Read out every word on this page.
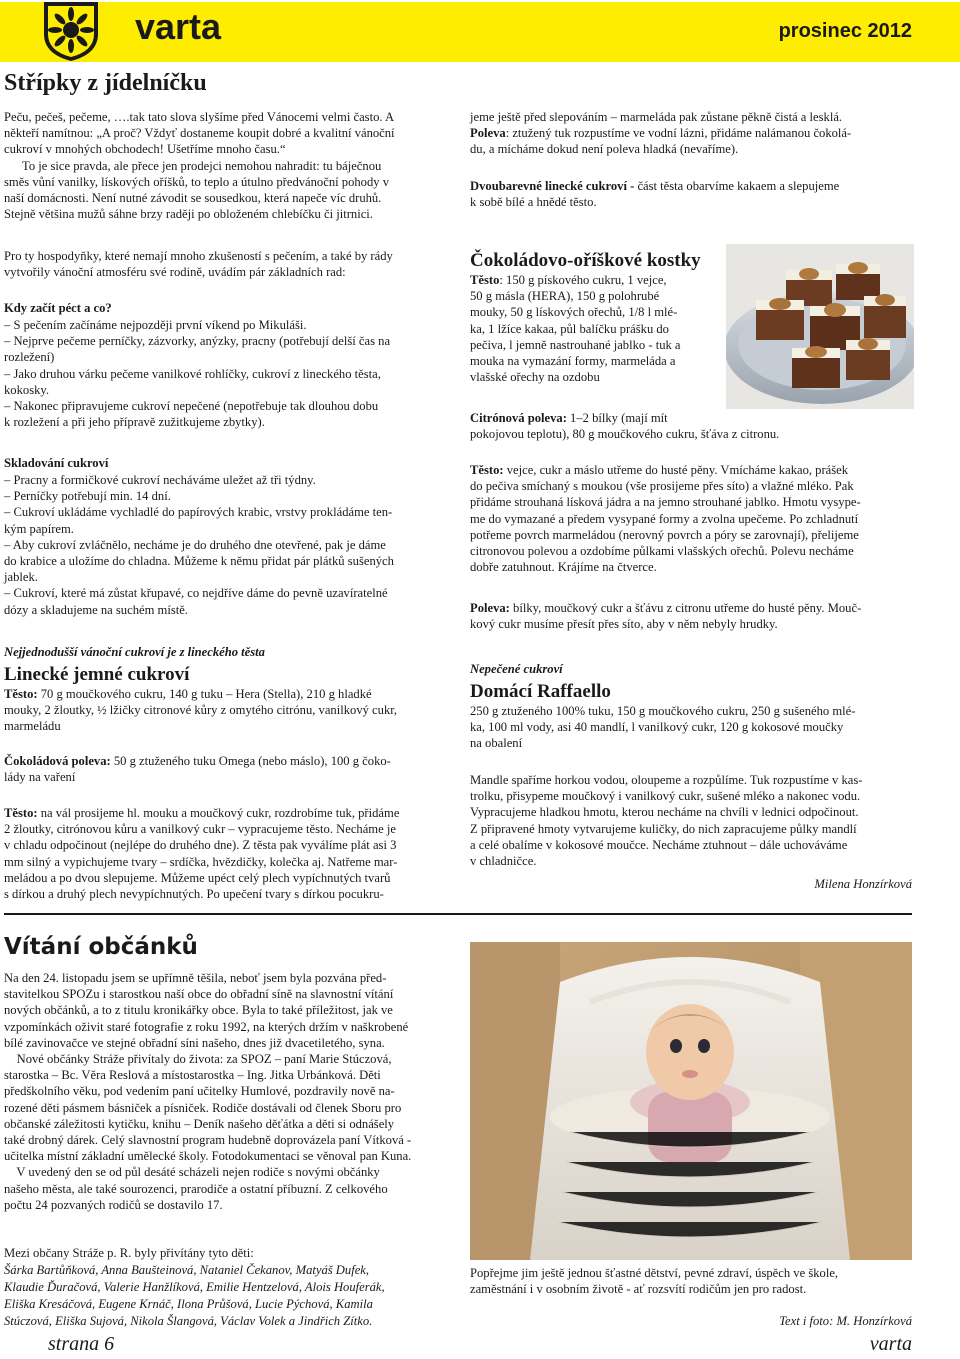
varta	prosinec 2012
Střípky z jídelníčku
Peču, pečeš, pečeme, ….tak tato slova slyšíme před Vánocemi velmi často. A
někteří namítnou: „A proč? Vždyť dostaneme koupit dobré a kvalitní vánoční
cukroví v mnohých obchodech! Ušetříme mnoho času.“
To je sice pravda, ale přece jen prodejci nemohou nahradit: tu báječnou
směs vůní vanilky, lískových oříšků, to teplo a útulno předvánoční pohody v
naší domácnosti. Není nutné závodit se sousedkou, která napeče víc druhů.
Stejně většina mužů sáhne brzy raději po obloženém chlebíčku či jitrnici.
Pro ty hospodyňky, které nemají mnoho zkušeností s pečením, a také by rády
vytvořily vánoční atmosféru své rodině, uvádím pár základních rad:
Kdy začít péct a co?
– S pečením začínáme nejpozději první víkend po Mikuláši.
– Nejprve pečeme perníčky, zázvorky, anýzky, pracny (potřebují delší čas na
rozležení)
– Jako druhou várku pečeme vanilkové rohlíčky, cukroví z lineckého těsta,
kokosky.
– Nakonec připravujeme cukroví nepečené (nepotřebuje tak dlouhou dobu
k rozležení a při jeho přípravě zužitkujeme zbytky).
Skladování cukroví
– Pracny a formičkové cukroví necháváme uležet až tři týdny.
– Perníčky potřebují min. 14 dní.
– Cukroví ukládáme vychladlé do papírových krabic, vrstvy prokládáme ten-
kým papírem.
– Aby cukroví zvláčnělo, necháme je do druhého dne otevřené, pak je dáme
do krabice a uložíme do chladna. Můžeme k němu přidat pár plátků sušených
jablek.
– Cukroví, které má zůstat křupavé, co nejdříve dáme do pevně uzavíratelné
dózy a skladujeme na suchém místě.
Nejjednodušší vánoční cukroví je z lineckého těsta
Linecké jemné cukroví
Těsto: 70 g moučkového cukru, 140 g tuku – Hera (Stella), 210 g hladké
mouky, 2 žloutky, ½ lžičky citronové kůry z omytého citrónu, vanilkový cukr,
marmeládu
Čokoládová poleva: 50 g ztuženého tuku Omega (nebo máslo), 100 g čoko-
lády na vaření
Těsto: na vál prosijeme hl. mouku a moučkový cukr, rozdrobíme tuk, přidáme
2 žloutky, citrónovou kůru a vanilkový cukr – vypracujeme těsto. Necháme je
v chladu odpočinout (nejlépe do druhého dne). Z těsta pak vyválíme plát asi 3
mm silný a vypichujeme tvary – srdíčka, hvězdičky, kolečka aj. Natřeme mar-
meládou a po dvou slepujeme. Můžeme upéct celý plech vypíchnutých tvarů
s dírkou a druhý plech nevypíchnutých. Po upečení tvary s dírkou pocukru-
jeme ještě před slepováním – marmeláda pak zůstane pěkně čistá a lesklá.
Poleva: ztužený tuk rozpustíme ve vodní lázni, přidáme nalámanou čokolá-
du, a mícháme dokud není poleva hladká (nevaříme).
Dvoubarevné linecké cukroví - část těsta obarvíme kakaem a slepujeme
k sobě bílé a hnědé těsto.
Čokoládovo-oříškové kostky
Těsto: 150 g pískového cukru, 1 vejce,
50 g másla (HERA), 150 g polohrubé
mouky, 50 g lískových ořechů, 1/8 l mlé-
ka, 1 lžíce kakaa, půl balíčku prášku do
pečiva, l jemně nastrouhané jablko - tuk a
mouka na vymazání formy, marmeláda a
vlašské ořechy na ozdobu
Citrónová poleva: 1–2 bílky (mají mít
pokojovou teplotu), 80 g moučkového cukru, šťáva z citronu.
Těsto: vejce, cukr a máslo utřeme do husté pěny. Vmícháme kakao, prášek
do pečiva smíchaný s moukou (vše prosijeme přes síto) a vlažné mléko. Pak
přidáme strouhaná lísková jádra a na jemno strouhané jablko. Hmotu vysype-
me do vymazané a předem vysypané formy a zvolna upečeme. Po zchladnutí
potřeme povrch marmeládou (nerovný povrch a póry se zarovnají), přelijeme
citronovou polevou a ozdobíme půlkami vlašských ořechů. Polevu necháme
dobře zatuhnout. Krájíme na čtverce.
Poleva: bílky, moučkový cukr a šťávu z citronu utřeme do husté pěny. Mouč-
kový cukr musíme přesít přes síto, aby v něm nebyly hrudky.
Nepečené cukroví
Domácí Raffaello
250 g ztuženého 100% tuku, 150 g moučkového cukru, 250 g sušeného mlé-
ka, 100 ml vody, asi 40 mandlí, l vanilkový cukr, 120 g kokosové moučky
na obalení
Mandle spaříme horkou vodou, oloupeme a rozpůlíme. Tuk rozpustíme v kas-
trolku, přisypeme moučkový i vanilkový cukr, sušené mléko a nakonec vodu.
Vypracujeme hladkou hmotu, kterou necháme na chvíli v lednici odpočinout.
Z připravené hmoty vytvarujeme kuličky, do nich zapracujeme půlky mandlí
a celé obalíme v kokosové moučce. Necháme ztuhnout – dále uchováváme
v chladničce.
Milena Honzírková
Vítání občánků
Na den 24. listopadu jsem se upřímně těšila, neboť jsem byla pozvána před-
stavitelkou SPOZu i starostkou naší obce do obřadní síně na slavnostní vítání
nových občánků, a to z titulu kronikářky obce. Byla to také příležitost, jak ve
vzpomínkách oživit staré fotografie z roku 1992, na kterých držím v naškrobené
bílé zavinovačce ve stejné obřadní síni našeho, dnes již dvacetiletého, syna.
Nové občánky Stráže přivítaly do života: za SPOZ – paní Marie Stúczová,
starostka – Bc. Věra Reslová a místostarostka – Ing. Jitka Urbánková. Děti
předškolního věku, pod vedením paní učitelky Humlové, pozdravily nově na-
rozené děti pásmem básniček a písniček. Rodiče dostávali od členek Sboru pro
občanské záležitosti kytičku, knihu – Deník našeho děťátka a děti si odnášely
také drobný dárek. Celý slavnostní program hudebně doprovázela paní Vítková -
učitelka místní základní umělecké školy. Fotodokumentaci se věnoval pan Kuna.
V uvedený den se od půl desáté scházeli nejen rodiče s novými občánky
našeho města, ale také sourozenci, prarodiče a ostatní příbuzní. Z celkového
počtu 24 pozvaných rodičů se dostavilo 17.
Mezi občany Stráže p. R. byly přivítány tyto děti:
Šárka Bartůňková, Anna Baušteinová, Nataniel Čekanov, Matyáš Dufek,
Klaudie Ďuračová, Valerie Hanžlíková, Emilie Hentzelová, Alois Houferák,
Eliška Kresáčová, Eugene Krnáč, Ilona Průšová, Lucie Pýchová, Kamila
Stúczová, Eliška Sujová, Nikola Šlangová, Václav Volek a Jindřich Zítko.
Popřejme jim ještě jednou šťastné dětství, pevné zdraví, úspěch ve škole,
zaměstnání i v osobním životě - ať rozsvítí rodičům jen pro radost.
Text i foto: M. Honzírková
strana 6	varta
